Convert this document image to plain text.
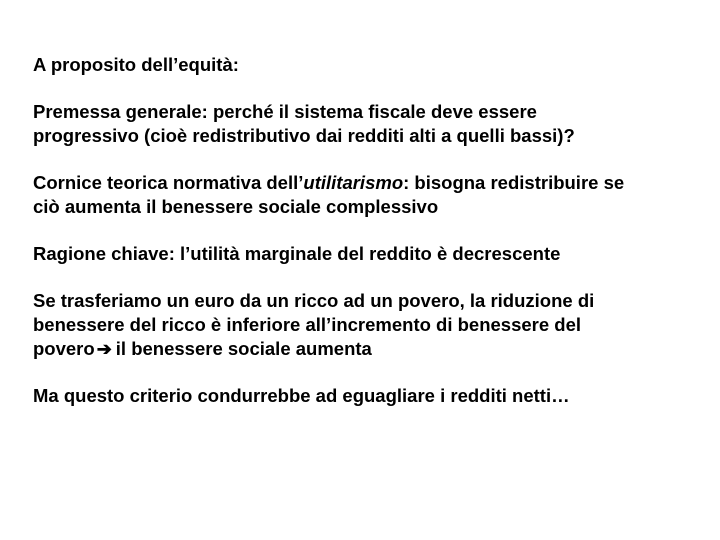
A proposito dell’equità:

Premessa generale: perché il sistema fiscale deve essere
progressivo (cioè redistributivo dai redditi alti a quelli bassi)?

Cornice teorica normativa dell’utilitarismo: bisogna redistribuire se
ciò aumenta il benessere sociale complessivo

Ragione chiave: l’utilità marginale del reddito è decrescente

Se trasferiamo un euro da un ricco ad un povero, la riduzione di
benessere del ricco è inferiore all’incremento di benessere del
povero ➔ il benessere sociale aumenta

Ma questo criterio condurrebbe ad eguagliare i redditi netti…
